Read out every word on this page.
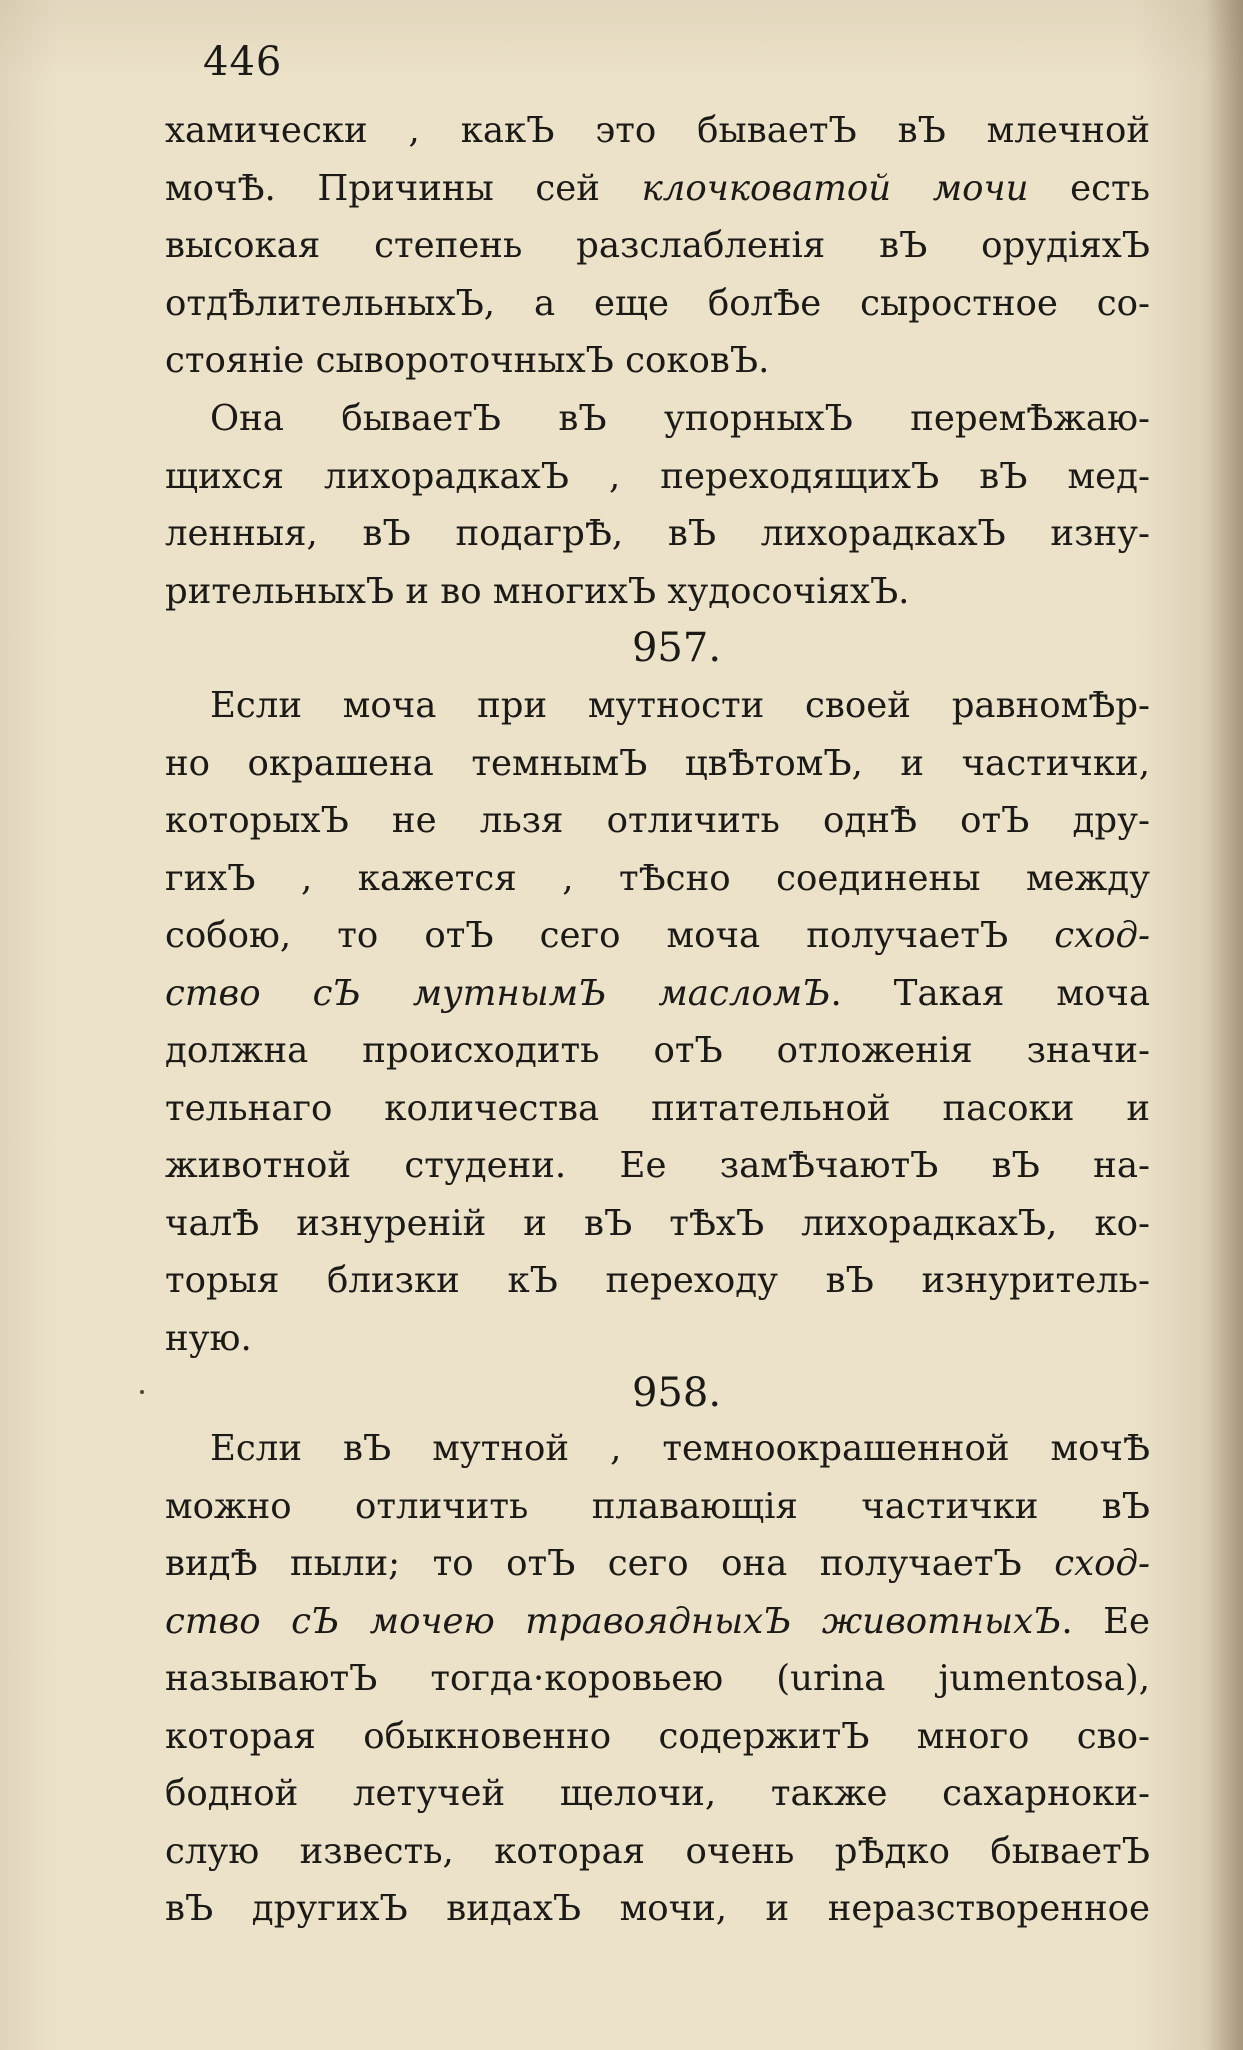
446
хамически , какЪ это бываетЪ вЪ млечной
мочѢ. Причины сей клочковатой мочи есть
высокая степень разслабленія вЪ орудіяхЪ
отдѢлительныхЪ, а еще болѢе сыростное со-
стояніе сывороточныхЪ соковЪ.
Она бываетЪ вЪ упорныхЪ перемѢжаю-
щихся лихорадкахЪ , переходящихЪ вЪ мед-
ленныя, вЪ подагрѢ, вЪ лихорадкахЪ изну-
рительныхЪ и во многихЪ худосочіяхЪ.
957.
Если моча при мутности своей равномѢр-
но окрашена темнымЪ цвѢтомЪ, и частички,
которыхЪ не льзя отличить однѢ отЪ дру-
гихЪ , кажется , тѢсно соединены между
собою, то отЪ сего моча получаетЪ сход-
ство сЪ мутнымЪ масломЪ. Такая моча
должна происходить отЪ отложенія значи-
тельнаго количества питательной пасоки и
животной студени. Ее замѢчаютЪ вЪ на-
чалѢ изнуреній и вЪ тѢхЪ лихорадкахЪ, ко-
торыя близки кЪ переходу вЪ изнуритель-
ную.
958.
Если вЪ мутной , темноокрашенной мочѢ
можно отличить плавающія частички вЪ
видѢ пыли; то отЪ сего она получаетЪ сход-
ство сЪ мочею травоядныхЪ животныхЪ. Ее
называютЪ тогда·коровьею (urina jumentosa),
которая обыкновенно содержитЪ много сво-
бодной летучей щелочи, также сахарноки-
слую известь, которая очень рѢдко бываетЪ
вЪ другихЪ видахЪ мочи, и неразстворенное
